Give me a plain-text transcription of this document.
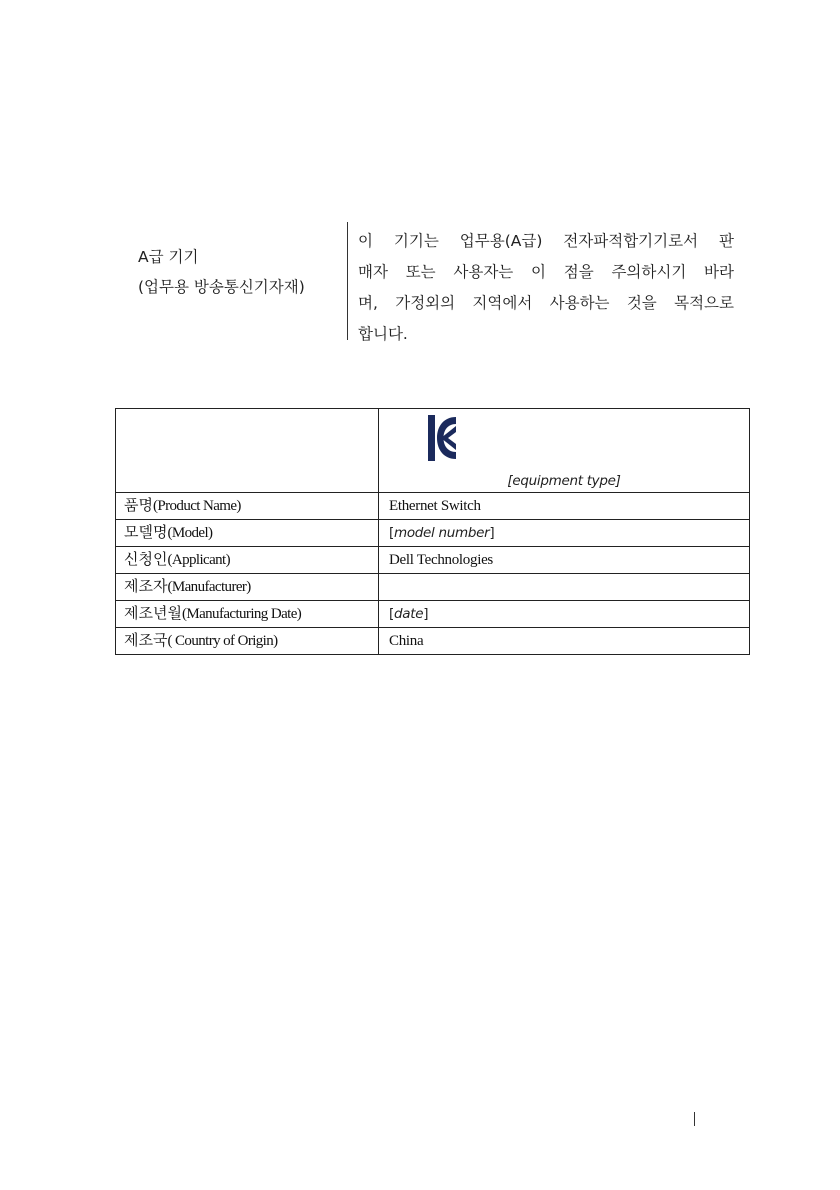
A급 기기
(업무용 방송통신기자재)
이 기기는 업무용(A급) 전자파적합기기로서 판
매자 또는 사용자는 이 점을 주의하시기 바라
며, 가정외의 지역에서 사용하는 것을 목적으로
합니다.

	[equipment type]

품명(Product Name)	Ethernet Switch
모델명(Model)	[model number]
신청인(Applicant)	Dell Technologies
제조자(Manufacturer)	
제조년월(Manufacturing Date)	[date]
제조국( Country of Origin)	China
